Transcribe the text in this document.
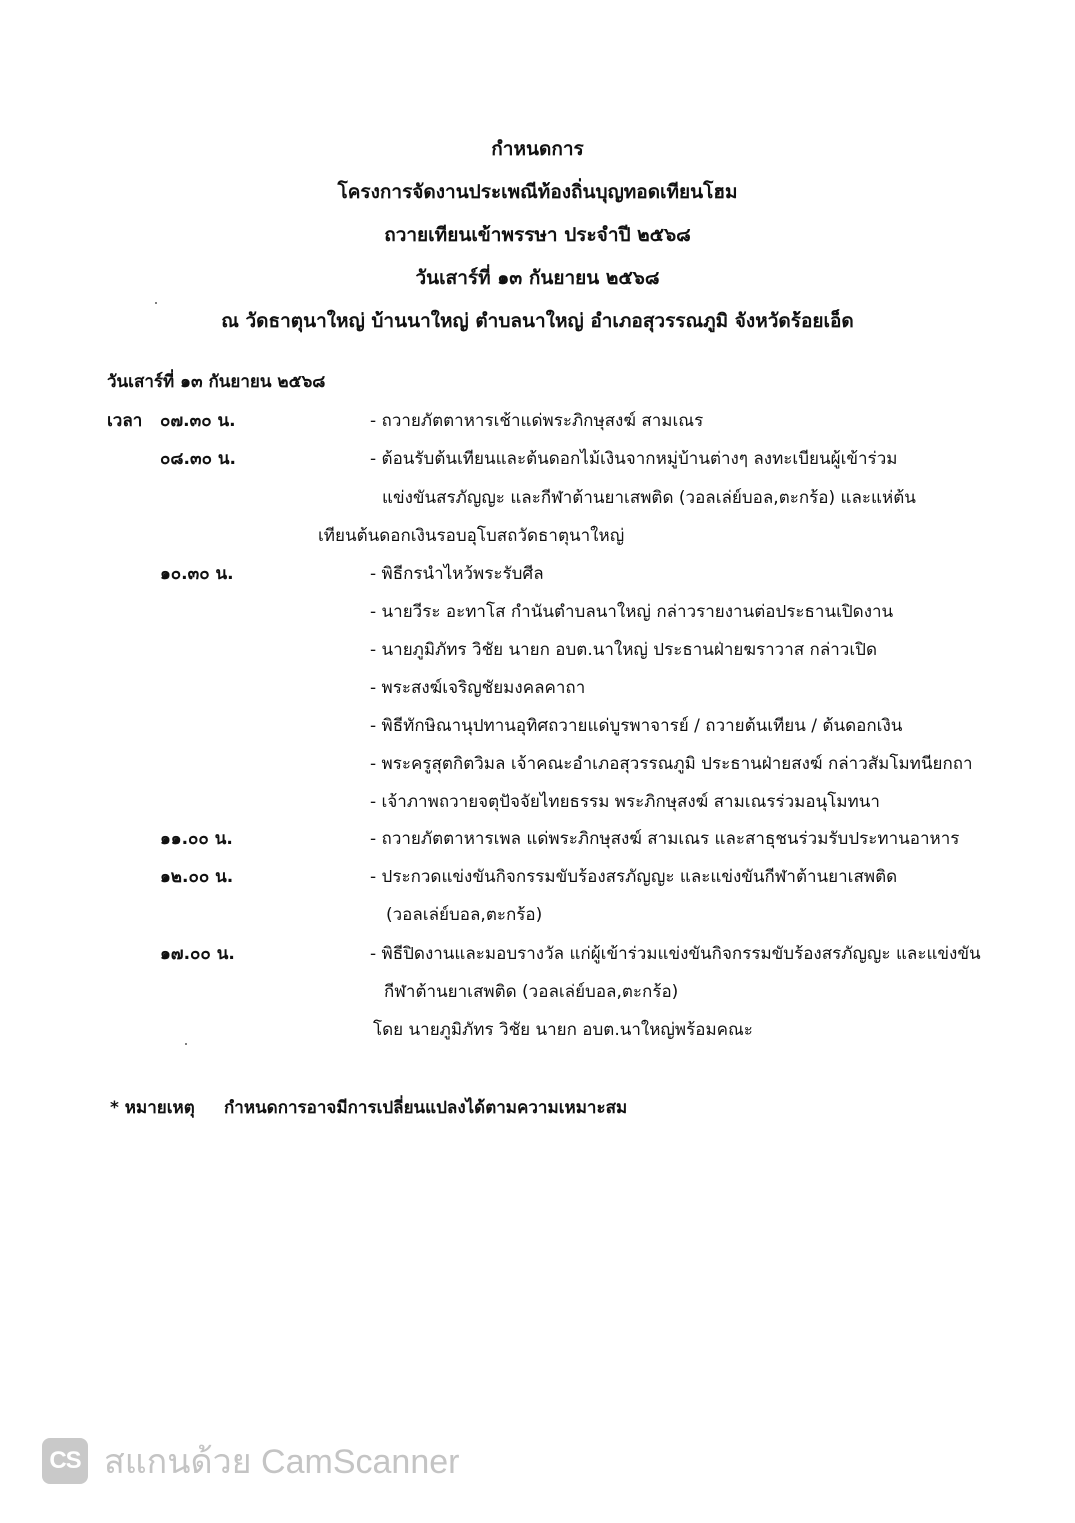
กำหนดการ
โครงการจัดงานประเพณีท้องถิ่นบุญทอดเทียนโฮม
ถวายเทียนเข้าพรรษา ประจำปี ๒๕๖๘
วันเสาร์ที่ ๑๓ กันยายน ๒๕๖๘
ณ วัดธาตุนาใหญ่ บ้านนาใหญ่ ตำบลนาใหญ่ อำเภอสุวรรณภูมิ จังหวัดร้อยเอ็ด
วันเสาร์ที่ ๑๓ กันยายน ๒๕๖๘
เวลา ๐๗.๓๐ น.
๐๘.๓๐ น.
๑๐.๓๐ น.
๑๑.๐๐ น.
๑๒.๐๐ น.
๑๗.๐๐ น.
- ถวายภัตตาหารเช้าแด่พระภิกษุสงฆ์ สามเณร
- ต้อนรับต้นเทียนและต้นดอกไม้เงินจากหมู่บ้านต่างๆ ลงทะเบียนผู้เข้าร่วม
แข่งขันสรภัญญะ และกีฬาต้านยาเสพติด (วอลเล่ย์บอล,ตะกร้อ) และแห่ต้น
เทียนต้นดอกเงินรอบอุโบสถวัดธาตุนาใหญ่
- พิธีกรนำไหว้พระรับศีล
- นายวีระ อะทาโส กำนันตำบลนาใหญ่ กล่าวรายงานต่อประธานเปิดงาน
- นายภูมิภัทร วิชัย นายก อบต.นาใหญ่ ประธานฝ่ายฆราวาส กล่าวเปิด
- พระสงฆ์เจริญชัยมงคลคาถา
- พิธีทักษิณานุปทานอุทิศถวายแด่บูรพาจารย์ / ถวายต้นเทียน / ต้นดอกเงิน
- พระครูสุตกิตวิมล เจ้าคณะอำเภอสุวรรณภูมิ ประธานฝ่ายสงฆ์ กล่าวสัมโมทนียกถา
- เจ้าภาพถวายจตุปัจจัยไทยธรรม พระภิกษุสงฆ์ สามเณรร่วมอนุโมทนา
- ถวายภัตตาหารเพล แด่พระภิกษุสงฆ์ สามเณร และสาธุชนร่วมรับประทานอาหาร
- ประกวดแข่งขันกิจกรรมขับร้องสรภัญญะ และแข่งขันกีฬาต้านยาเสพติด
(วอลเล่ย์บอล,ตะกร้อ)
- พิธีปิดงานและมอบรางวัล แก่ผู้เข้าร่วมแข่งขันกิจกรรมขับร้องสรภัญญะ และแข่งขัน
กีฬาต้านยาเสพติด (วอลเล่ย์บอล,ตะกร้อ)
โดย นายภูมิภัทร วิชัย นายก อบต.นาใหญ่พร้อมคณะ
* หมายเหตุ กำหนดการอาจมีการเปลี่ยนแปลงได้ตามความเหมาะสม
CS สแกนด้วย CamScanner
